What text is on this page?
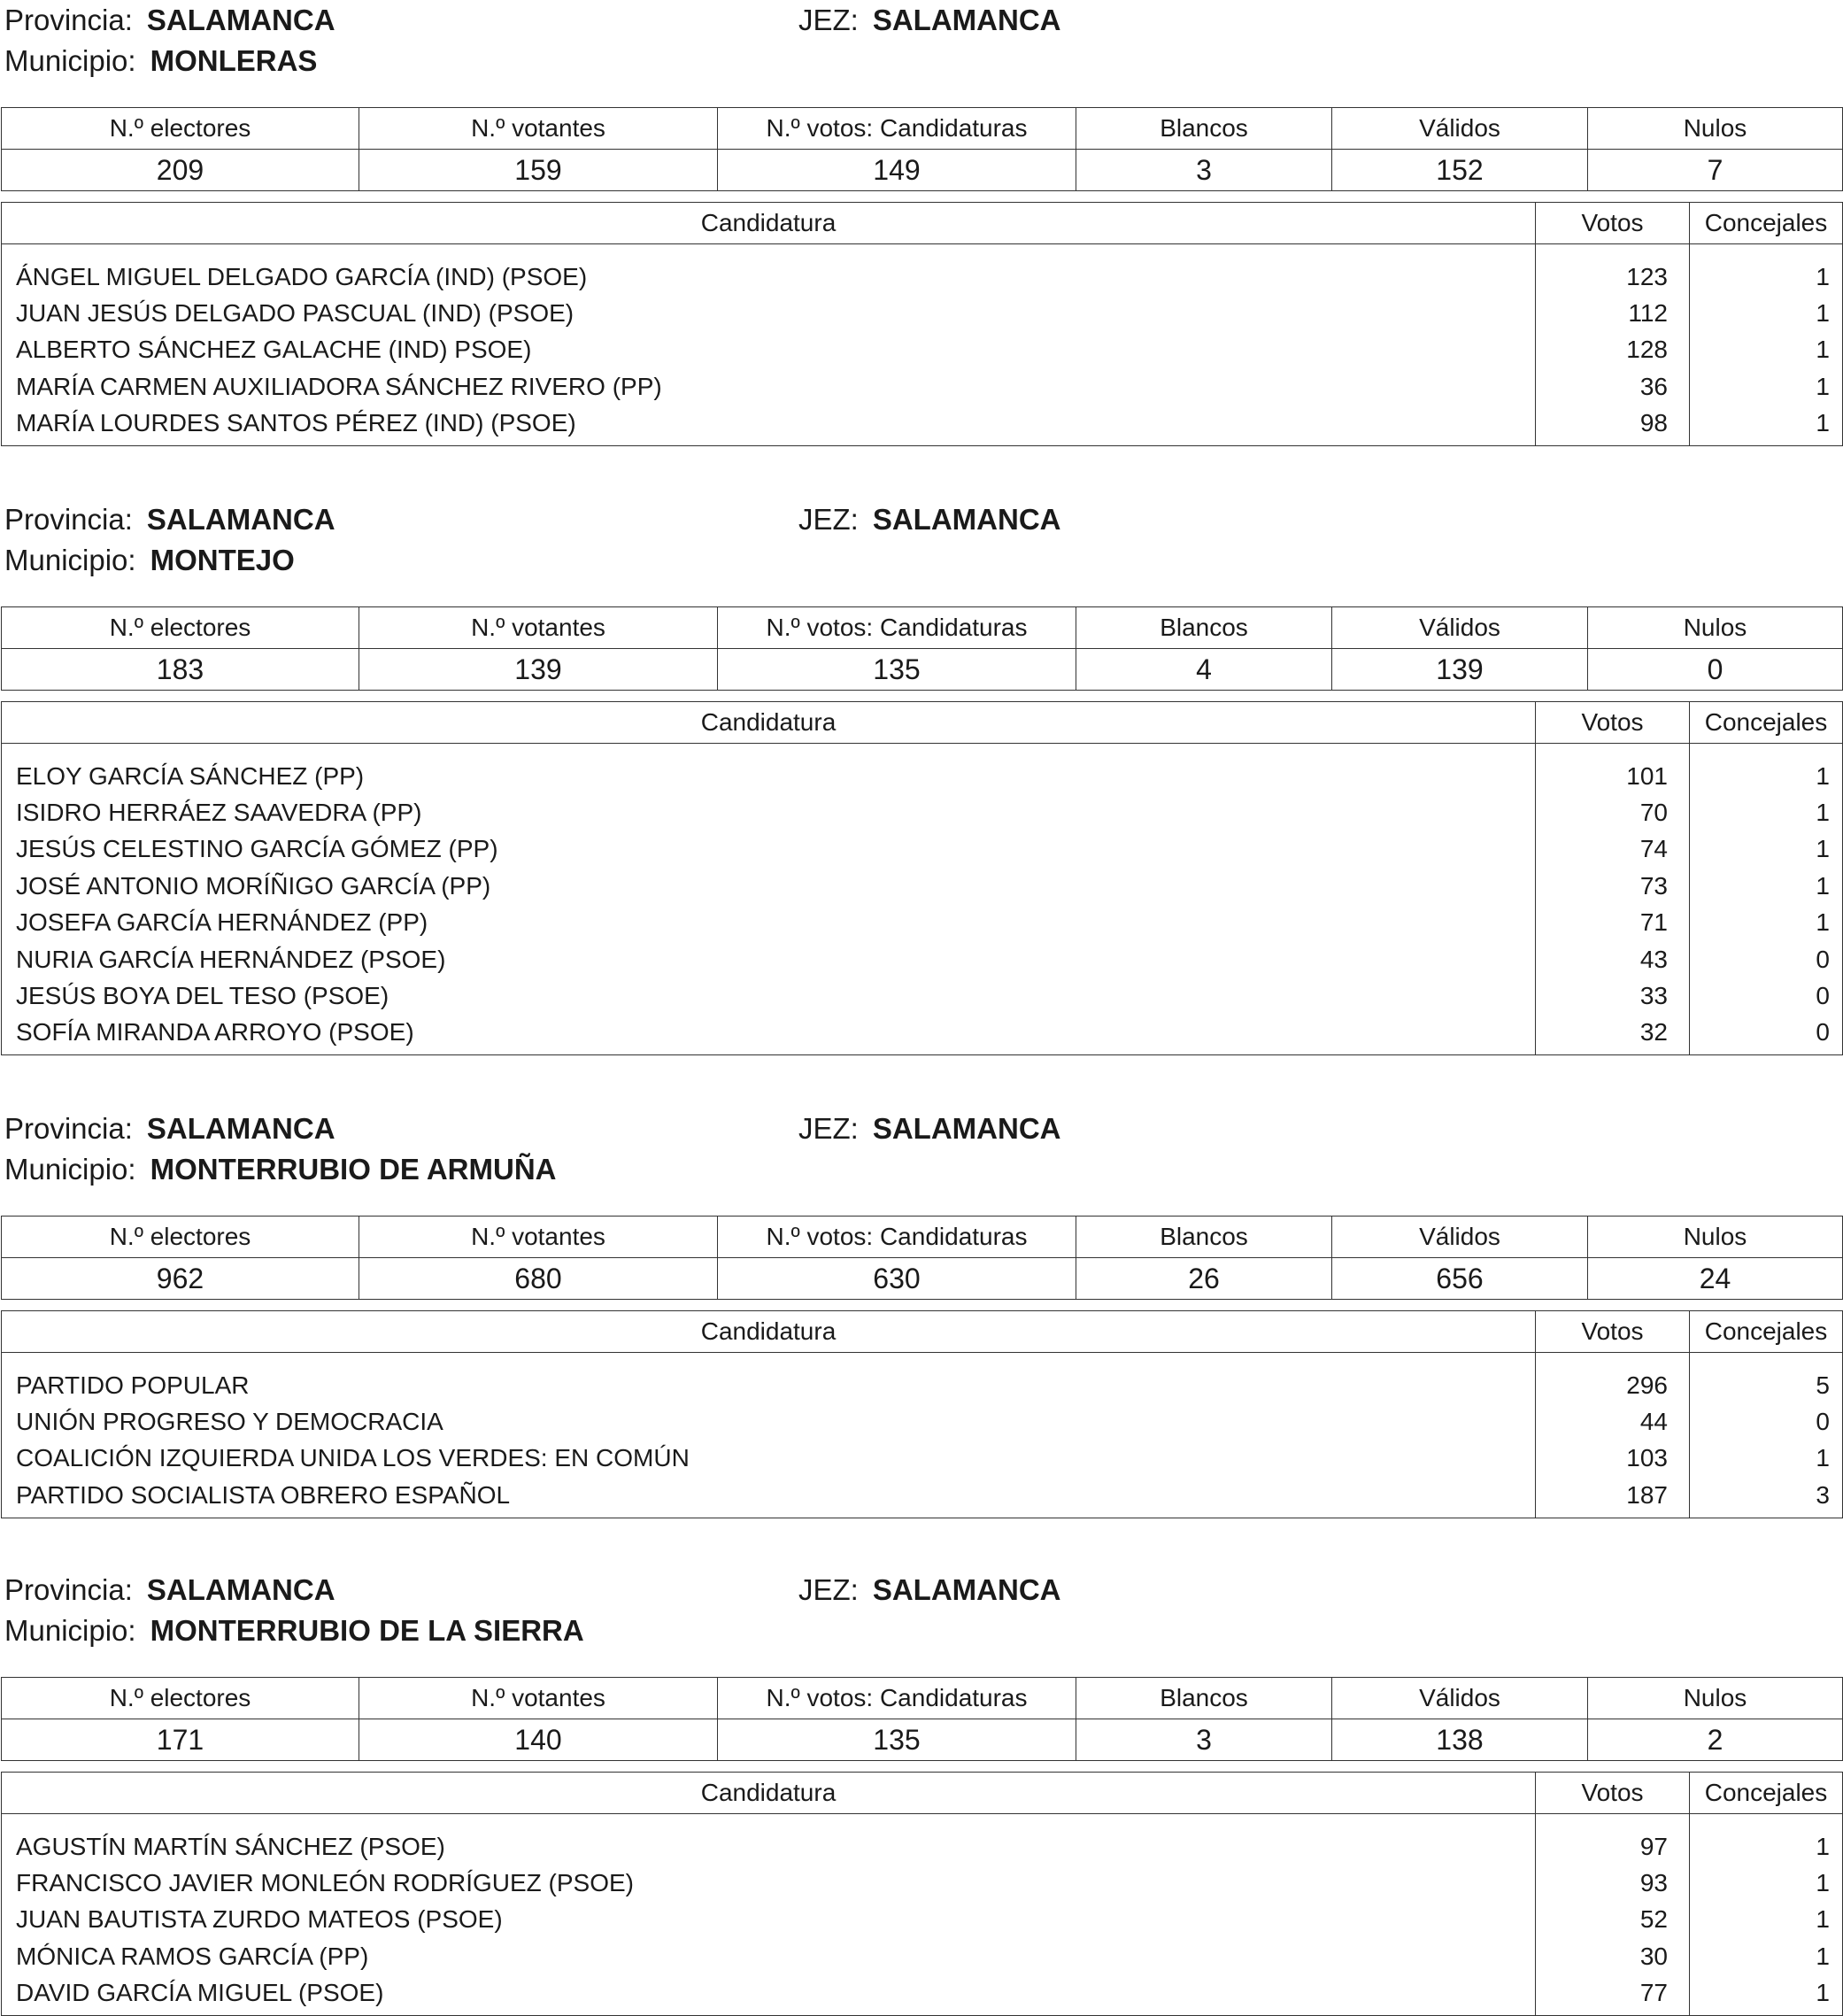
Provincia: SALAMANCA
Municipio: MONLERAS
JEZ: SALAMANCA
N.º electores	N.º votantes	N.º votos: Candidaturas	Blancos	Válidos	Nulos
209	159	149	3	152	7
Candidatura	Votos	Concejales
ÁNGEL MIGUEL DELGADO GARCÍA (IND) (PSOE)	123	1
JUAN JESÚS DELGADO PASCUAL (IND) (PSOE)	112	1
ALBERTO SÁNCHEZ GALACHE (IND) PSOE)	128	1
MARÍA CARMEN AUXILIADORA SÁNCHEZ RIVERO (PP)	36	1
MARÍA LOURDES SANTOS PÉREZ (IND) (PSOE)	98	1
Provincia: SALAMANCA
Municipio: MONTEJO
JEZ: SALAMANCA
N.º electores	N.º votantes	N.º votos: Candidaturas	Blancos	Válidos	Nulos
183	139	135	4	139	0
Candidatura	Votos	Concejales
ELOY GARCÍA SÁNCHEZ (PP)	101	1
ISIDRO HERRÁEZ SAAVEDRA (PP)	70	1
JESÚS CELESTINO GARCÍA GÓMEZ (PP)	74	1
JOSÉ ANTONIO MORÍÑIGO GARCÍA (PP)	73	1
JOSEFA GARCÍA HERNÁNDEZ (PP)	71	1
NURIA GARCÍA HERNÁNDEZ (PSOE)	43	0
JESÚS BOYA DEL TESO (PSOE)	33	0
SOFÍA MIRANDA ARROYO (PSOE)	32	0
Provincia: SALAMANCA
Municipio: MONTERRUBIO DE ARMUÑA
JEZ: SALAMANCA
N.º electores	N.º votantes	N.º votos: Candidaturas	Blancos	Válidos	Nulos
962	680	630	26	656	24
Candidatura	Votos	Concejales
PARTIDO POPULAR	296	5
UNIÓN PROGRESO Y DEMOCRACIA	44	0
COALICIÓN IZQUIERDA UNIDA LOS VERDES: EN COMÚN	103	1
PARTIDO SOCIALISTA OBRERO ESPAÑOL	187	3
Provincia: SALAMANCA
Municipio: MONTERRUBIO DE LA SIERRA
JEZ: SALAMANCA
N.º electores	N.º votantes	N.º votos: Candidaturas	Blancos	Válidos	Nulos
171	140	135	3	138	2
Candidatura	Votos	Concejales
AGUSTÍN MARTÍN SÁNCHEZ (PSOE)	97	1
FRANCISCO JAVIER MONLEÓN RODRÍGUEZ (PSOE)	93	1
JUAN BAUTISTA ZURDO MATEOS (PSOE)	52	1
MÓNICA RAMOS GARCÍA (PP)	30	1
DAVID GARCÍA MIGUEL (PSOE)	77	1
